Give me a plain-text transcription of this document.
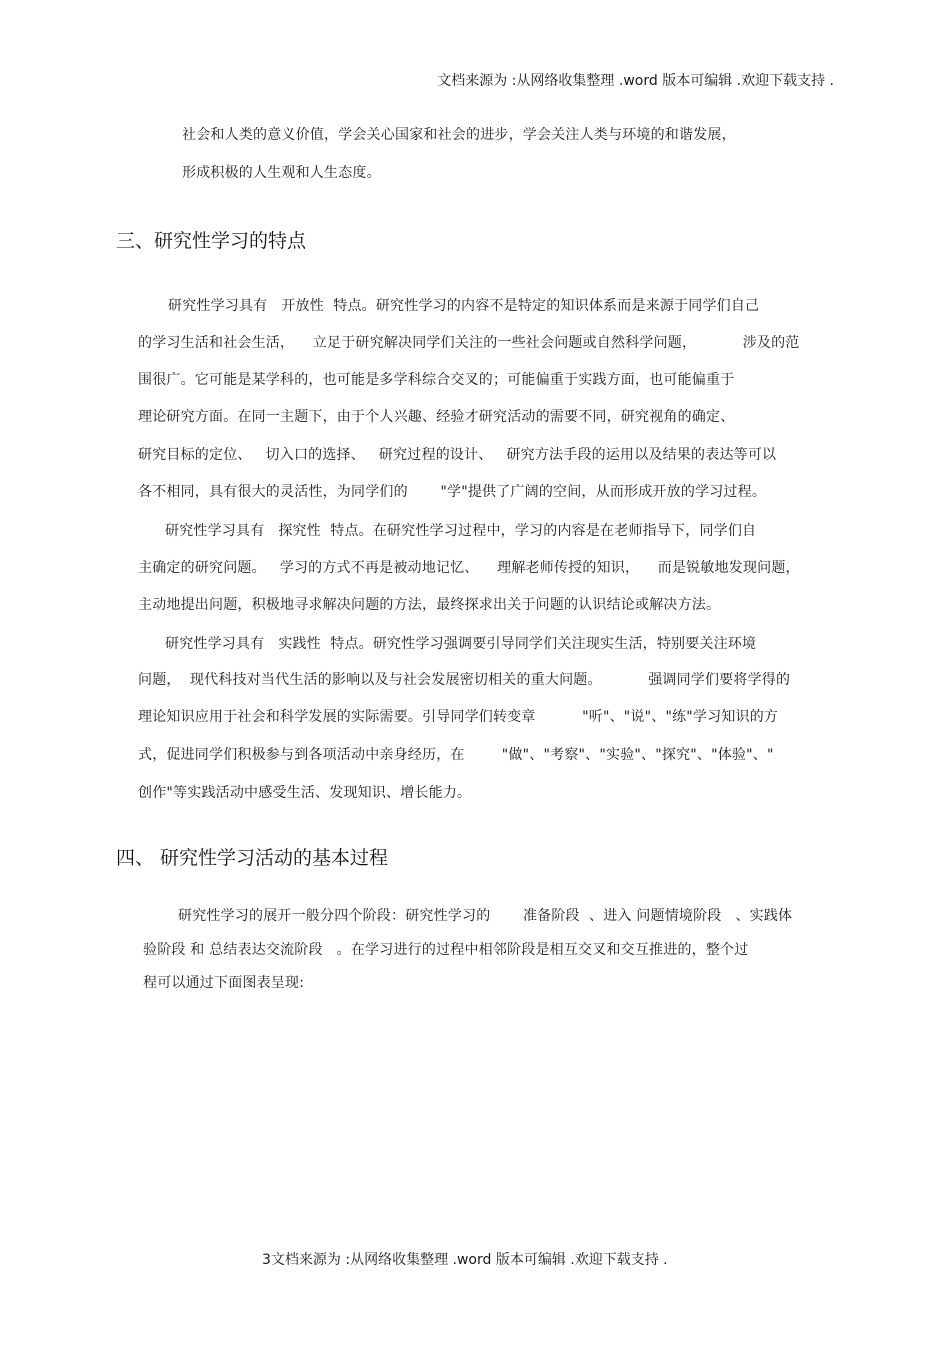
文档来源为 :从网络收集整理 .word 版本可编辑 .欢迎下载支持 .
社会和人类的意义价值，学会关心国家和社会的进步，学会关注人类与环境的和谐发展，
形成积极的人生观和人生态度。
三、研究性学习的特点
研究性学习具有   开放性  特点。研究性学习的内容不是特定的知识体系而是来源于同学们自己
的学习生活和社会生活，    立足于研究解决同学们关注的一些社会问题或自然科学问题，          涉及的范
围很广。它可能是某学科的，也可能是多学科综合交叉的；可能偏重于实践方面，也可能偏重于
理论研究方面。在同一主题下，由于个人兴趣、经验才研究活动的需要不同，研究视角的确定、
研究目标的定位、   切入口的选择、   研究过程的设计、   研究方法手段的运用以及结果的表达等可以
各不相同，具有很大的灵活性，为同学们的       "学"提供了广阔的空间，从而形成开放的学习过程。
研究性学习具有   探究性  特点。在研究性学习过程中，学习的内容是在老师指导下，同学们自
主确定的研究问题。   学习的方式不再是被动地记忆、    理解老师传授的知识，    而是锐敏地发现问题，
主动地提出问题，积极地寻求解决问题的方法，最终探求出关于问题的认识结论或解决方法。
研究性学习具有   实践性  特点。研究性学习强调要引导同学们关注现实生活，特别要关注环境
问题，  现代科技对当代生活的影响以及与社会发展密切相关的重大问题。          强调同学们要将学得的
理论知识应用于社会和科学发展的实际需要。引导同学们转变章          "听"、"说"、"练"学习知识的方
式，促进同学们积极参与到各项活动中亲身经历，在        "做"、"考察"、"实验"、"探究"、"体验"、"
创作"等实践活动中感受生活、发现知识、增长能力。
四、 研究性学习活动的基本过程
研究性学习的展开一般分四个阶段：研究性学习的       准备阶段  、进入 问题情境阶段   、实践体
验阶段 和 总结表达交流阶段   。在学习进行的过程中相邻阶段是相互交叉和交互推进的，整个过
程可以通过下面图表呈现:
3文档来源为 :从网络收集整理 .word 版本可编辑 .欢迎下载支持 .
